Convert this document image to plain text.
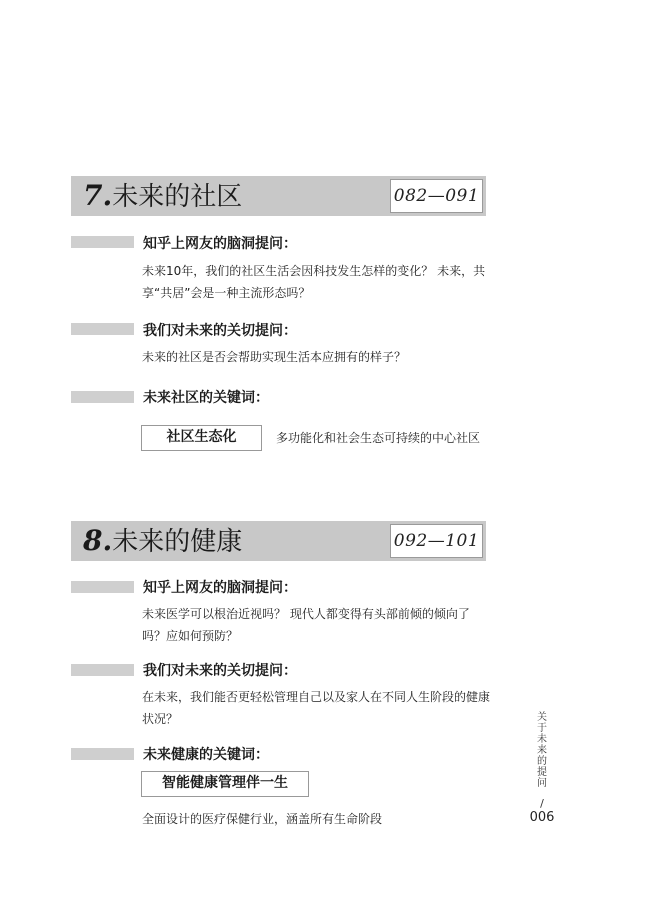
7.未来的社区	082—091
知乎上网友的脑洞提问：
未来10年，我们的社区生活会因科技发生怎样的变化？ 未来，共享“共居”会是一种主流形态吗？
我们对未来的关切提问：
未来的社区是否会帮助实现生活本应拥有的样子？
未来社区的关键词：
社区生态化	多功能化和社会生态可持续的中心社区
8.未来的健康	092—101
知乎上网友的脑洞提问：
未来医学可以根治近视吗？ 现代人都变得有头部前倾的倾向了吗？应如何预防？
我们对未来的关切提问：
在未来，我们能否更轻松管理自己以及家人在不同人生阶段的健康状况？
未来健康的关键词：
智能健康管理伴一生
全面设计的医疗保健行业，涵盖所有生命阶段
关于未来的提问
/
006
